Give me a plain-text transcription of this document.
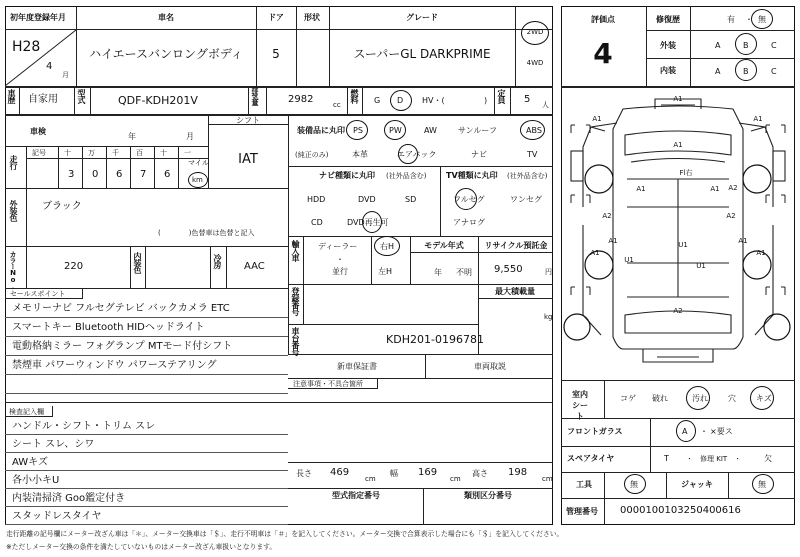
初年度登録年月	車名	ドア	形状	グレード
H28
4
月
ハイエースバンロングボディ 5	スーパーGL DARKPRIME
2WD
4WD
車歴 自家用 型式	QDF-KDH201V	排気量	2982	cc
燃料 G D HV・(	) 定員 5 人
車検
年	月
シフト
IAT
走行
記号	十 万 千 百 十 一
3 0 6 7 6
マイル
km
外装色 ブラック
(　　　　)色替車は色替と記入
カラーNo.	220	内装色	冷房 AAC
セールスポイント
メモリーナビ フルセグテレビ バックカメラ ETC
スマートキー Bluetooth HIDヘッドライト
電動格納ミラー フォグランプ MTモード付シフト
禁煙車 パワーウィンドウ パワーステアリング
検査記入欄
ハンドル・シフト・トリム スレ
シート スレ、シワ
AWキズ
各小小キU
内装清掃済 Goo鑑定付き
スタッドレスタイヤ
装備品に丸印
(純正のみ)
PS	PW	AW	サンルーフ	ABS
本革	エアバック	ナビ	TV
ナビ種類に丸印 (社外品含む)
HDD	DVD	SD
CD	DVD再生可
TV種類に丸印 (社外品含む)
フルセグ	ワンセグ
アナログ
輸入車 ディーラー
・
並行
右H
左H
モデル年式
年 不明
リサイクル預託金
9,550	円
登録番号	最大積載量
kg
車台番号	KDH201-0196781
新車保証書	車両取説
注意事項・不具合箇所
長さ 469
cm
幅 169
cm
高さ 198
cm
型式指定番号	類別区分番号
評価点
4
修復歴	有 ・ 無
外装	A	B	C
内装	A	B	C
A1
A1	A1
A1
A1	A1 A2
A2	A2
A1	A1
U1
U1
U1
A1	A1
A2
Fl右
室内シート
コゲ 破れ	汚れ	穴	キズ
フロントガラス	A ・ ×要ス
スペアタイヤ	T ・　修理 KIT　・	欠
工具	無	ジャッキ	無
管理番号 0000100103250400616
走行距離の記号欄にメーター改ざん車は「＊」、メーター交換車は「＄」、走行不明車は「＃」を記入してください。メーター交換で合算表示した場合にも「＄」を記入してください。
※ただしメーター交換の条件を満たしていないものはメーター改ざん車扱いとなります。
